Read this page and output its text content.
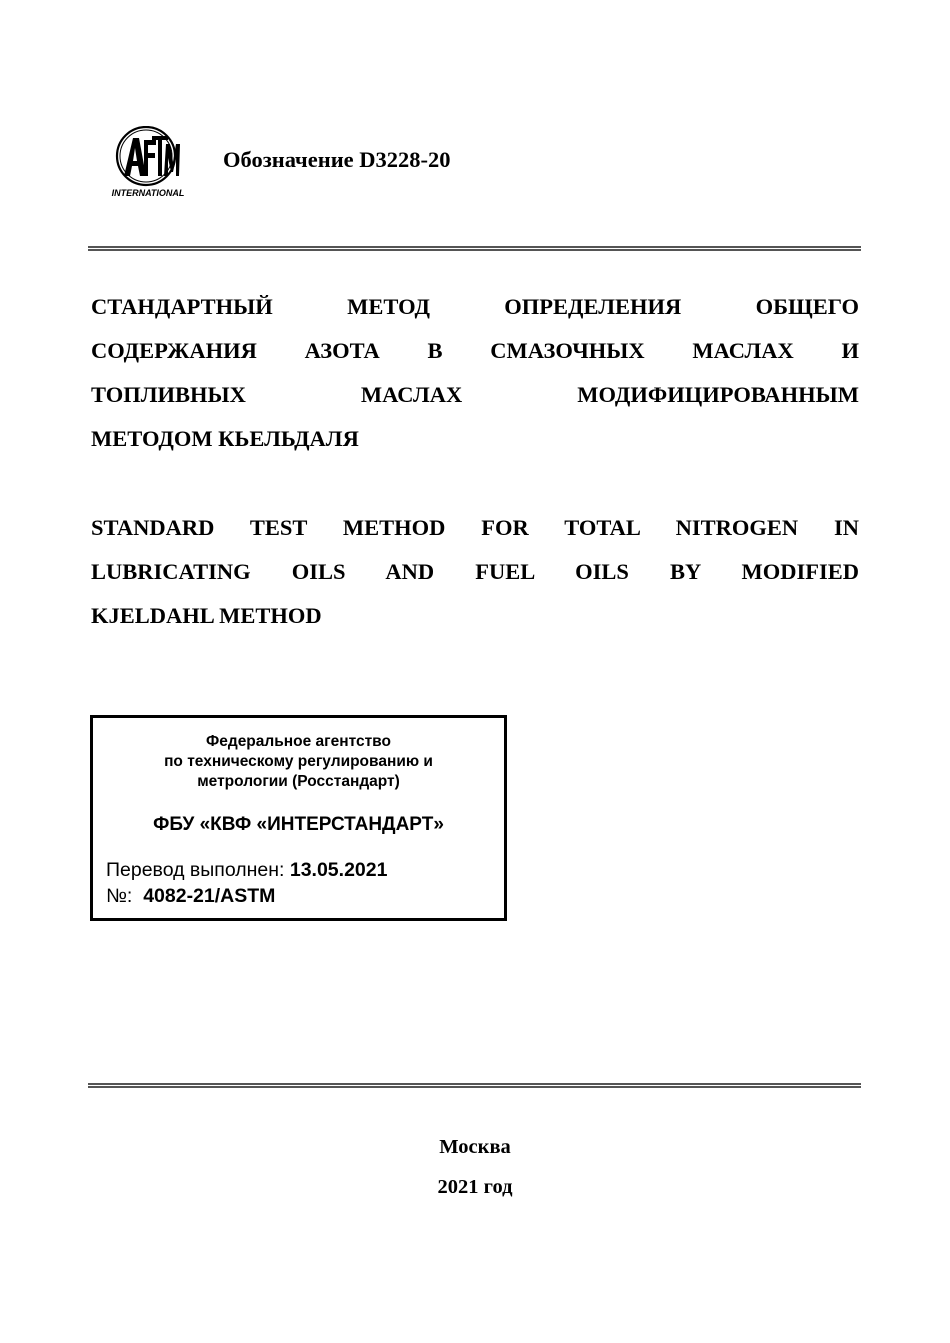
INTERNATIONAL
Обозначение D3228-20
СТАНДАРТНЫЙ МЕТОД ОПРЕДЕЛЕНИЯ ОБЩЕГО
СОДЕРЖАНИЯ АЗОТА В СМАЗОЧНЫХ МАСЛАХ И
ТОПЛИВНЫХ МАСЛАХ МОДИФИЦИРОВАННЫМ
МЕТОДОМ КЬЕЛЬДАЛЯ
STANDARD TEST METHOD FOR TOTAL NITROGEN IN
LUBRICATING OILS AND FUEL OILS BY MODIFIED
KJELDAHL METHOD
Федеральное агентство
по техническому регулированию и
метрологии (Росстандарт)
ФБУ «КВФ «ИНТЕРСТАНДАРТ»
Перевод выполнен: 13.05.2021
№: 4082-21/ASTM
Москва
2021 год
